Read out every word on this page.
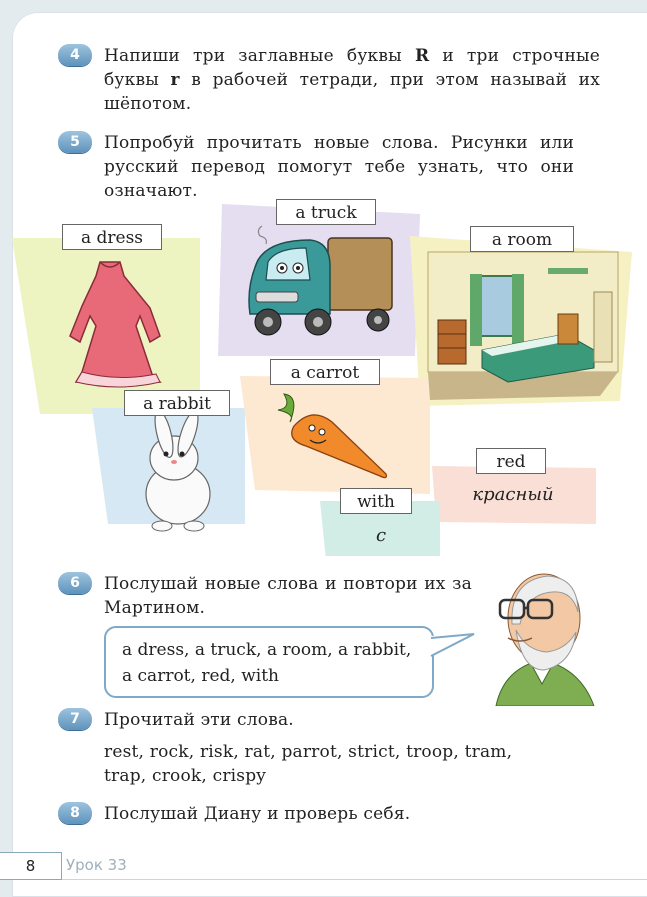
4	Напиши три заглавные буквы R и три строчные буквы r в рабочей тетради, при этом называй их шёпотом.
5	Попробуй прочитать новые слова. Рисунки или русский перевод помогут тебе узнать, что они означают.
a dress
a truck
a room
a carrot
a rabbit
red
with	красный
с
6	Послушай новые слова и повтори их за Мартином.
a dress, a truck, a room, a rabbit, a carrot, red, with
7	Прочитай эти слова.
rest, rock, risk, rat, parrot, strict, troop, tram,
trap, crook, crispy
8	Послушай Диану и проверь себя.
8	Урок 33
